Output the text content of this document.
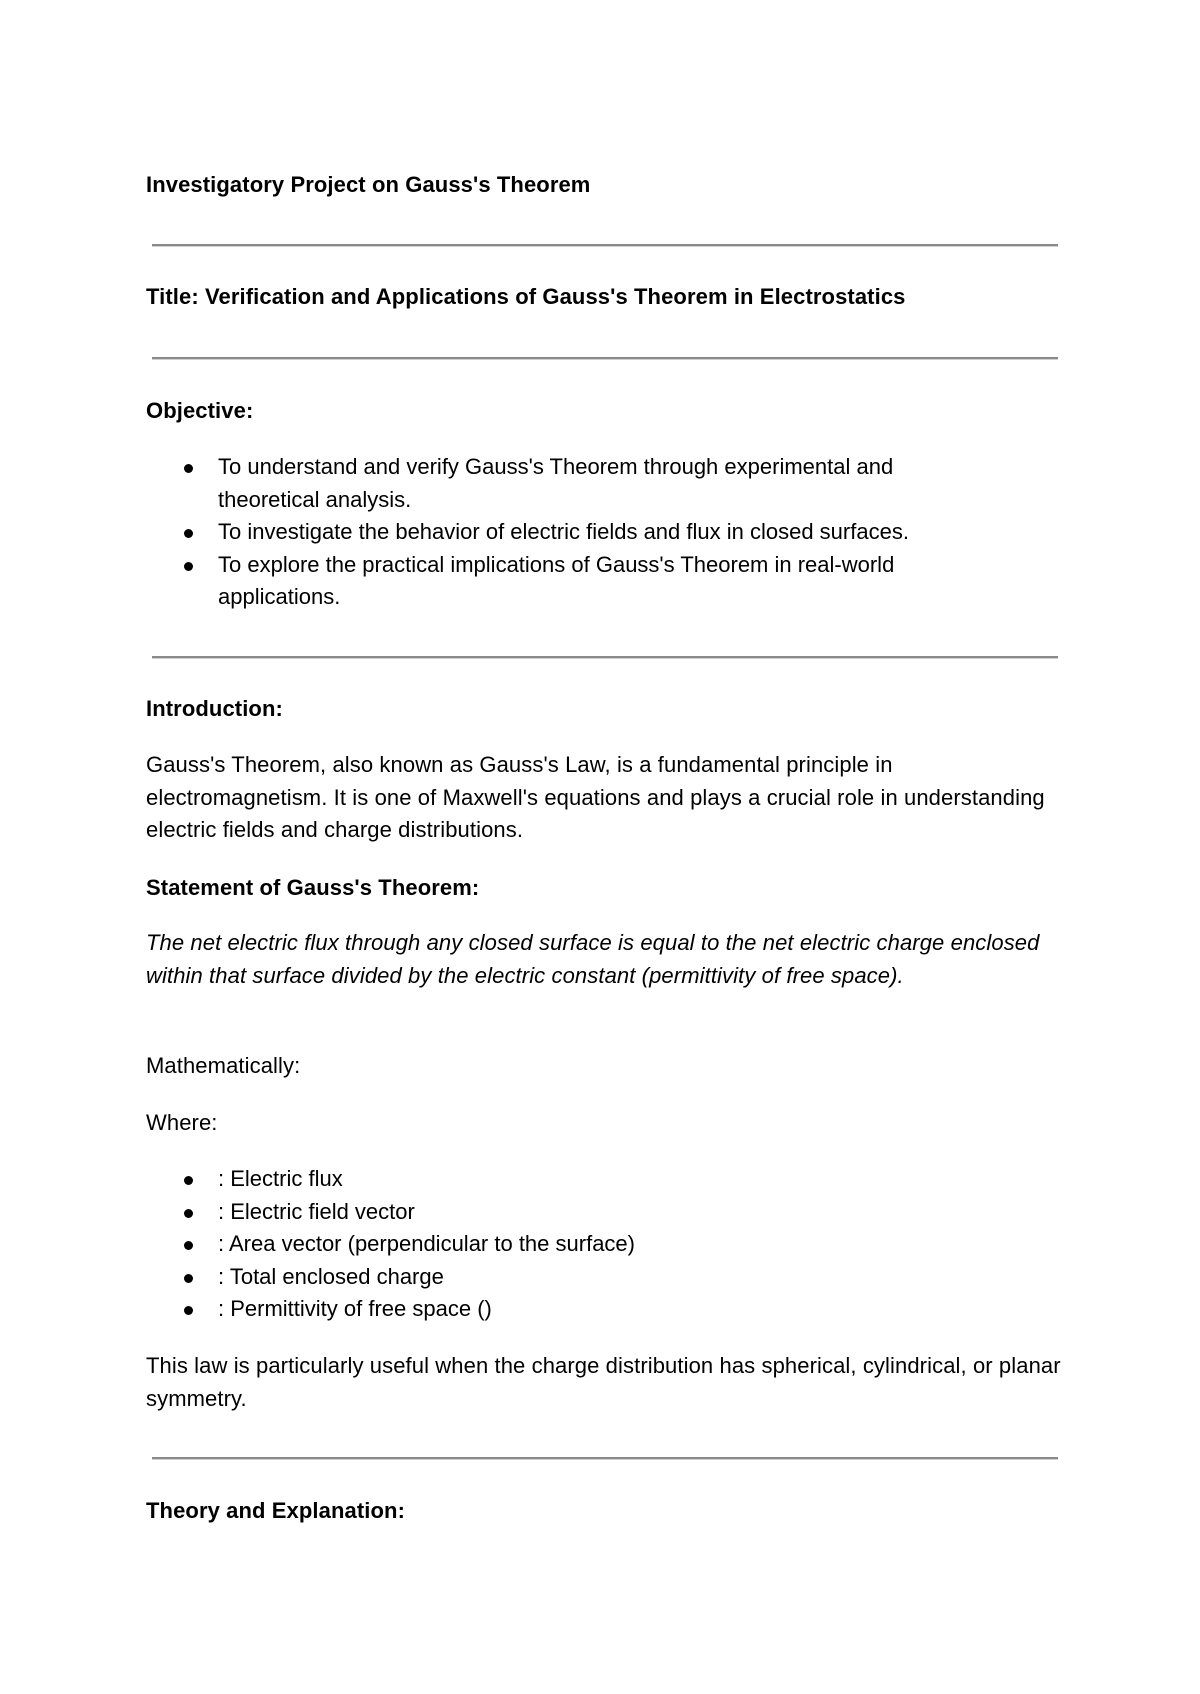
Investigatory Project on Gauss's Theorem

Title: Verification and Applications of Gauss's Theorem in Electrostatics

Objective:

To understand and verify Gauss's Theorem through experimental and theoretical analysis.
To investigate the behavior of electric fields and flux in closed surfaces.
To explore the practical implications of Gauss's Theorem in real-world applications.

Introduction:

Gauss's Theorem, also known as Gauss's Law, is a fundamental principle in electromagnetism. It is one of Maxwell's equations and plays a crucial role in understanding electric fields and charge distributions.

Statement of Gauss's Theorem:

The net electric flux through any closed surface is equal to the net electric charge enclosed within that surface divided by the electric constant (permittivity of free space).

Mathematically:

Where:

: Electric flux
: Electric field vector
: Area vector (perpendicular to the surface)
: Total enclosed charge
: Permittivity of free space ()

This law is particularly useful when the charge distribution has spherical, cylindrical, or planar symmetry.

Theory and Explanation:
